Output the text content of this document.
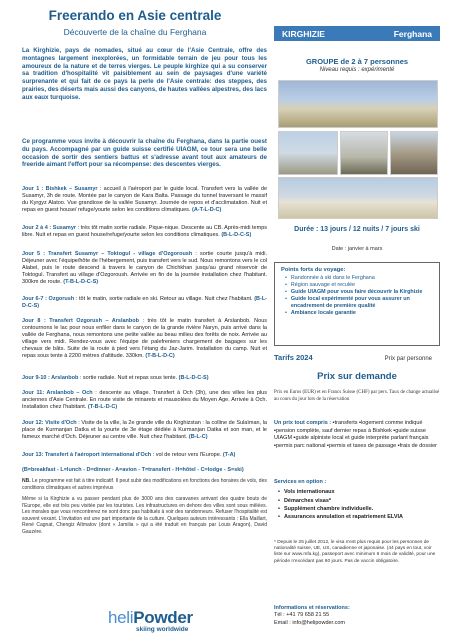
Freerando en Asie centrale
Découverte de la chaîne du Ferghana	KIRGHIZIE	Ferghana
GROUPE de 2 à 7 personnes
Niveau requis : expérimenté
Durée : 13 jours / 12 nuits / 7 jours ski
Date : janvier à mars
Points forts du voyage:
• Randonnée à ski dans le Ferghana
• Région sauvage et reculée
• Guide UIAGM pour vous faire découvrir la Kirghizie
• Guide local expérimenté pour vous assurer un encadrement de première qualité
• Ambiance locale garantie
Tarifs 2024	Prix par personne
Prix sur demande
Prix en Euros (EUR) et en Francs Suisse (CHF) par pers. Taux de change actualisé au cours du jour lors de la réservation
Un prix tout compris : ▪transferts ▪logement comme indiqué ▪pension complète, sauf dernier repas à Bishkek ▪guide suisse UIAGM ▪guide alpiniste local et guide interprète parlant français ▪permis parc national ▪permis et taxes de passage ▪frais de dossier
Services en option :
• Vols internationaux
• Démarches visas*
• Supplément chambre individuelle.
• Assurances annulation et rapatriement ELVIA
* Depuis le 25 juillet 2012, le visa n'est plus requis pour les personnes de nationalité suisse, UE, US, canadienne et japonaise. (44 pays en tout, voir liste sur www.mfa.kg), passeport avec minimum 6 mois de validité, pour une période n'excédant pas 60 jours. Pas de vaccin obligatoire.
heliPowder
skiing worldwide
Informations et réservations:
Tél : +41 79 658 21 55
Email : info@helipowder.com
La Kirghizie, pays de nomades, situé au cœur de l'Asie Centrale, offre des montagnes largement inexplorées, un formidable terrain de jeu pour tous les amoureux de la nature et de terres vierges. Le peuple kirghize qui a su conserver sa tradition d'hospitalité vit paisiblement au sein de paysages d'une variété surprenante et qui fait de ce pays la perle de l'Asie centrale: des steppes, des prairies, des déserts mais aussi des canyons, de hautes vallées alpestres, des lacs aux eaux turquoise.
Ce programme vous invite à découvrir la chaîne du Ferghana, dans la partie ouest du pays. Accompagné par un guide suisse certifié UIAGM, ce tour sera une belle occasion de sortir des sentiers battus et s'adresse avant tout aux amateurs de freeride aimant l'effort pour sa récompense: des descentes vierges.
Jour 1 : Bishkek – Susamyr : accueil à l'aéroport par le guide local. Transfert vers la vallée de Susamyr, 3h de route. Montée par le canyon de Kara Balta. Passage du tunnel traversant le massif du Kyrgyz Alatoo. Vue grandiose de la vallée Susamyr. Journée de repos et d'acclimatation. Nuit et repas en guest house/ refuge/yourte selon les conditions climatiques. (A-T-L-D-C)
Jour 2 à 4 : Susamyr : très tôt matin sortie radiale. Pique-nique. Descente au CB. Après-midi temps libre. Nuit et repas en guest house/refuge/yourte selon les conditions climatiques. (B-L-D-C-S)
Jour 5 : Transfert Susamyr – Toktogul - village d'Ozgoroush : sortie courte jusqu'à midi. Déjeuner avec l'équipe/hôte de l'hébergement, puis transfert vers le sud. Nous remontons vers le col Alabel, puis le route descend à travers le canyon de Chichkhan jusqu'au grand réservoir de Toktogul. Transfert au village d'Ozgoroush. Arrivée en fin de la journée installation chez l'habitant. 300km de route. (T-B-L-D-C-S)
Jour 6-7 : Ozgorush : tôt le matin, sortie radiale en ski. Retour au village. Nuit chez l'habitant. (B-L-D-C-S)
Jour 8 : Transfert Ozgorush – Arslanbob : très tôt le matin transfert à Arslanbob. Nous contournons le lac pour nous enfiler dans le canyon de la grande rivière Naryn, puis arrivé dans la vallée de Ferghana, nous remontons une petite vallée au beau milieu des forêts de noix. Arrivée au village vers midi. Rendez-vous avec l'équipe de palefreniers chargement de bagages sur les chevaux de bâts. Suite de la route à pied vers l'étang du Jaz-Jarim. Installation du camp. Nuit et repas sous tente à 2200 mètres d'altitude. 330km. (T-B-L-D-C)
Jour 9-10 : Arslanbob : sortie radiale. Nuit et repas sous tente. (B-L-D-C-S)
Jour 11: Arslanbob – Och : descente au village. Transfert à Och (3h), une des villes les plus anciennes d'Asie Centrale. En route visite de minarets et mausolées du Moyen Age. Arrivée à Och. Installation chez l'habitant. (T-B-L-D-C)
Jour 12: Visite d'Och : Visite de la ville, la 2e grande ville du Kirghizstan : la colline de Sulaïman, la place de Kurmanjan Datka et la yourte de 3e étage dédiée à Kurmanjan Datka et son man, et le fameux marché d'Och. Déjeuner au centre ville. Nuit chez l'habitant. (B-L-C)
Jour 13: Transfert à l'aéroport international d'Och : vol de retour vers l'Europe. (T-A)
(B=breakfast - L=lunch - D=dinner - A=avion - T=transfert - H=hôtel - C=lodge - S=ski)
NB. Le programme est fait à titre indicatif. Il peut subir des modifications en fonctions des horaires de vols, des conditions climatiques et autres imprévus
Même si la Kirghizie a vu passer pendant plus de 3000 ans des caravanes arrivant des quatre bouts de l'Europe, elle est très peu visitée par les touristes. Les infrastructures en dehors des villes sont sous mêlées. Les morales que vous rencontrerez ne sont donc pas habitués à voir des randonneurs. Refuser l'hospitalité est souvent vexant. L'invitation est une part importante de la culture. Quelques auteurs intéressants : Ella Maillart, René Cagnat, Chengiz Aïtmatov (dont « Jamilia » qui a été traduit en français par Louis Aragon), David Gauzère.
